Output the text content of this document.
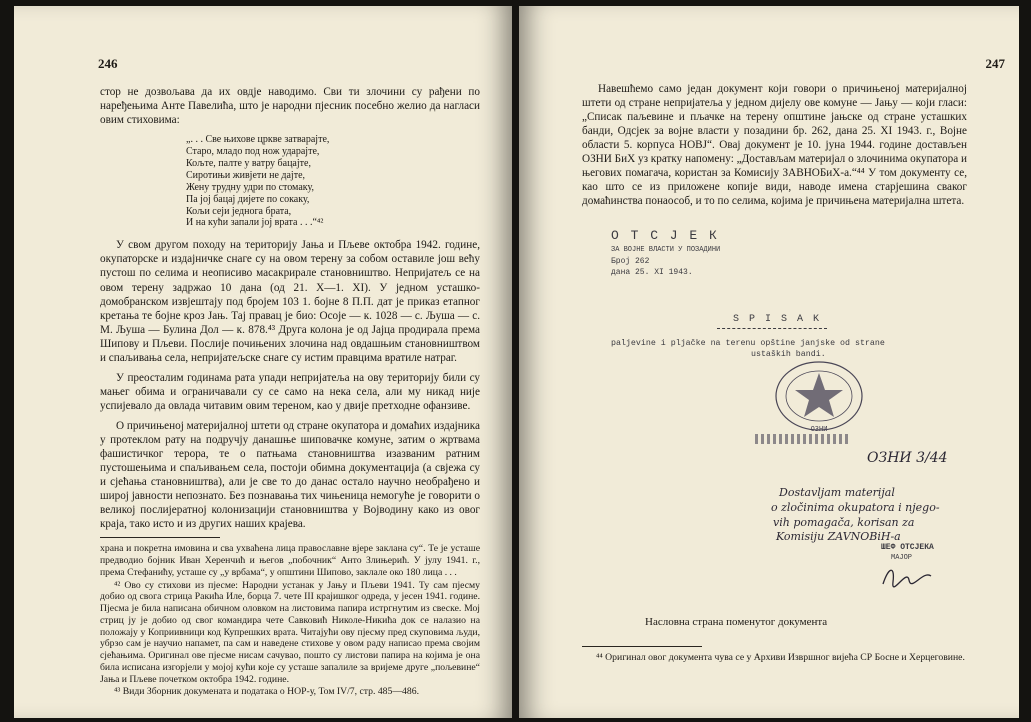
246

стор не дозвољава да их овдје наводимо. Сви ти злочини су рађени по наређењима Анте Павелића, што је народни пјесник посебно желио да нагласи овим стиховима:

„. . . Све њихове цркве затварајте,
Старо, младо под нож ударајте,
Кољте, палте у ватру бацајте,
Сиротињи живјети не дајте,
Жену трудну удри по стомаку,
Па јој бацај дијете по сокаку,
Кољи сеји једнога брата,
И на кући запали јој врата . . .“⁴²

У свом другом походу на територију Јања и Пљеве октобра 1942. године, окупаторске и издајничке снаге су на овом терену за собом оставиле још већу пустош по селима и неописиво масакрирале становништво. Непријатељ се на овом терену задржао 10 дана (од 21. X—1. XI). У једном усташко-домобранском извјештају под бројем 103 1. бојне 8 П.П. дат је приказ етапног кретања те бојне кроз Јањ. Тај правац је био: Осоје — к. 1028 — с. Љуша — с. М. Љуша — Булина Дол — к. 878.⁴³ Друга колона је од Јајца продирала према Шипову и Пљеви. Послије почињених злочина над овдашњим становништвом и спаљивања села, непријатељске снаге су истим правцима вратиле натраг.

У преосталим годинама рата упади непријатеља на ову територију били су мањег обима и ограничавали су се само на нека села, али му никад није успијевало да овлада читавим овим тереном, као у двије претходне офанзиве.

О причињеној материјалној штети од стране окупатора и домаћих издајника у протеклом рату на подручју данашње шиповачке комуне, затим о жртвама фашистичког терора, те о патњама становништва изазваним ратним пустошењима и спаљивањем села, постоји обимна документација (а свјежа су и сјећања становништва), али је све то до данас остало научно необрађено и широј јавности непознато. Без познавања тих чињеница немогуће је говорити о великој послијератној колонизацији становништва у Војводину како из овог краја, тако исто и из других наших крајева.

храна и покретна имовина и сва ухваћена лица православне вјере заклана су“. Те је усташе предводио бојник Иван Херенчић и његов „побочник“ Анто Злињерић. У јулу 1941. г., према Стефанићу, усташе су „у врбама“, у општини Шипово, заклале око 180 лица . . .

⁴² Ово су стихови из пјесме: Народни устанак у Јању и Пљеви 1941. Ту сам пјесму добио од свога стрица Ракића Иле, борца 7. чете III крајишког одреда, у јесен 1941. године. Пјесма је била написана обичном оловком на листовима папира истргнутим из свеске. Мој стриц ју је добио од свог командира чете Савковић Николе-Никића док се налазио на положају у Коприивници код Купрешких врата. Читајући ову пјесму пред скуповима људи, убрзо сам је научио напамет, па сам и наведене стихове у овом раду написао према својим сјећањима. Оригинал ове пјесме нисам сачувао, пошто су листови папира на којима је она била исписана изгорјели у мојој кући које су усташе запалиле за вријеме друге „пољевине“ Јања и Пљеве почетком октобра 1942. године.

⁴³ Види Зборник докумената и података о НОР-у, Том IV/7, стр. 485—486.

247

Навешћемо само један документ који говори о причињеној материјалној штети од стране непријатеља у једном дијелу ове комуне — Јању — који гласи: „Списак паљевине и пљачке на терену општине јањске од стране усташких банди, Одсјек за војне власти у позадини бр. 262, дана 25. XI 1943. г., Војне области 5. корпуса НОВЈ“. Овај документ је 10. јуна 1944. године достављен ОЗНИ БиХ уз кратку напомену: „Достављам материјал о злочинима окупатора и његових помагача, користан за Комисију ЗАВНОБиХ-а.“⁴⁴ У том документу се, као што се из приложене копије види, наводе имена старјешина сваког домаћинства понаособ, и то по селима, којима је причињена материјална штета.

О Т С Ј Е К
ЗА ВОЈНЕ ВЛАСТИ У ПОЗАДИНИ
Број 262
дана 25. XI 1943.
S P I S A K
paljevine i pljačke na terenu opštine janjske od strane
ustaških bandi.
ОЗНИ
ОЗНИ 3/44
Dostavljam materijal
o zločinima okupatora i njego-
vih pomagača, korisan za
Komisiju ZAVNOBiH-a
ШЕФ ОТСЈЕКА
МАЈОР
Насловна страна поменутог документа

⁴⁴ Оригинал овог документа чува се у Архиви Извршног вијећа СР Босне и Херцеговине.
